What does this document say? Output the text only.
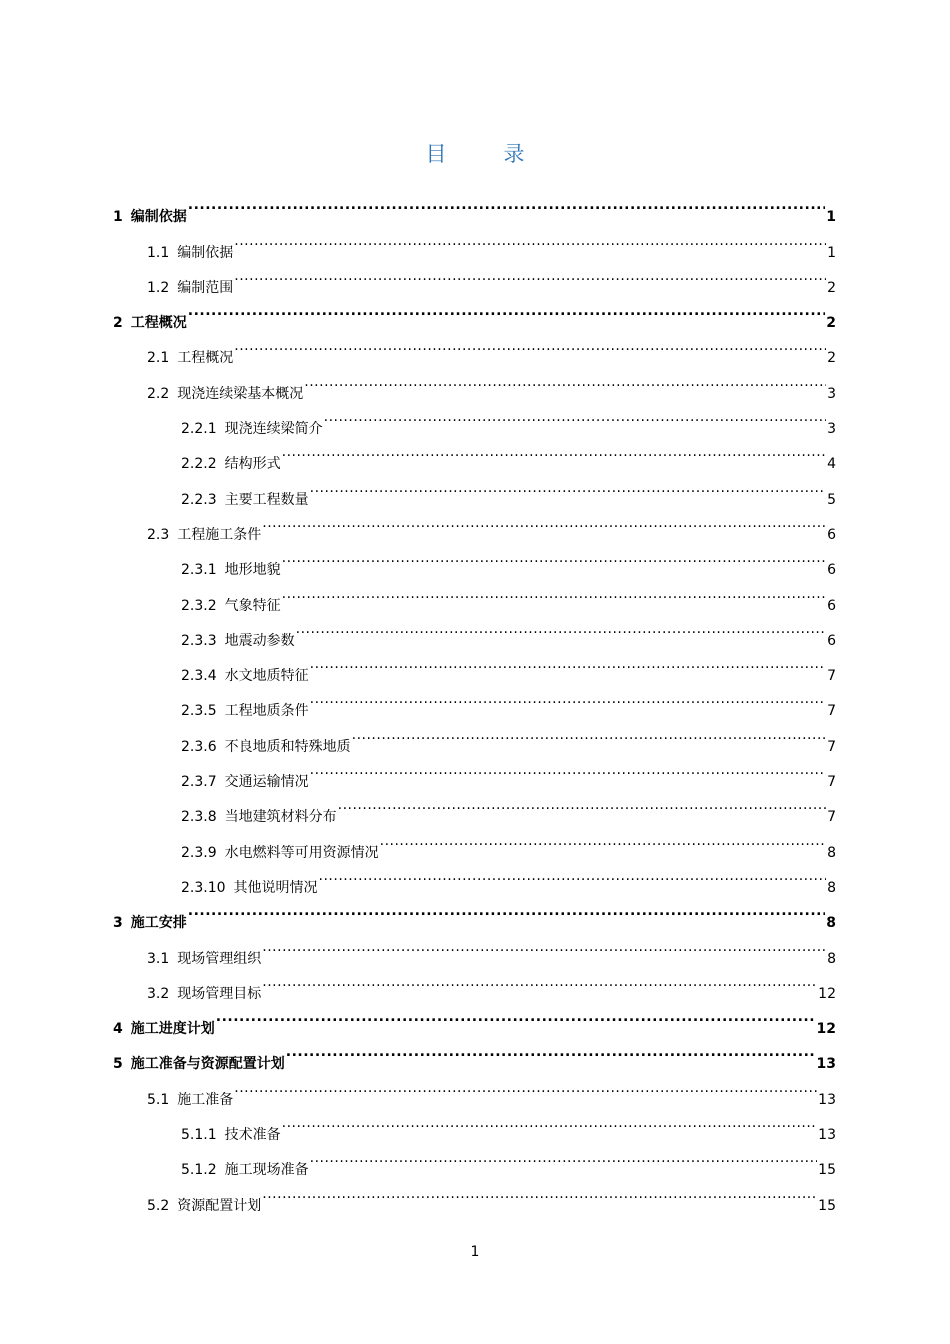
目　录
1 编制依据 .....	1
1.1 编制依据 .....	1
1.2 编制范围 .....	2
2 工程概况 .....	2
2.1 工程概况 .....	2
2.2 现浇连续梁基本概况 .....	3
2.2.1 现浇连续梁简介 .....	3
2.2.2 结构形式 .....	4
2.2.3 主要工程数量 .....	5
2.3 工程施工条件 .....	6
2.3.1 地形地貌 .....	6
2.3.2 气象特征 .....	6
2.3.3 地震动参数 .....	6
2.3.4 水文地质特征 .....	7
2.3.5 工程地质条件 .....	7
2.3.6 不良地质和特殊地质 .....	7
2.3.7 交通运输情况 .....	7
2.3.8 当地建筑材料分布 .....	7
2.3.9 水电燃料等可用资源情况 .....	8
2.3.10 其他说明情况 .....	8
3 施工安排 .....	8
3.1 现场管理组织 .....	8
3.2 现场管理目标 .....	12
4 施工进度计划 .....	12
5 施工准备与资源配置计划 .....	13
5.1 施工准备 .....	13
5.1.1 技术准备 .....	13
5.1.2 施工现场准备 .....	15
5.2 资源配置计划 .....	15
1
